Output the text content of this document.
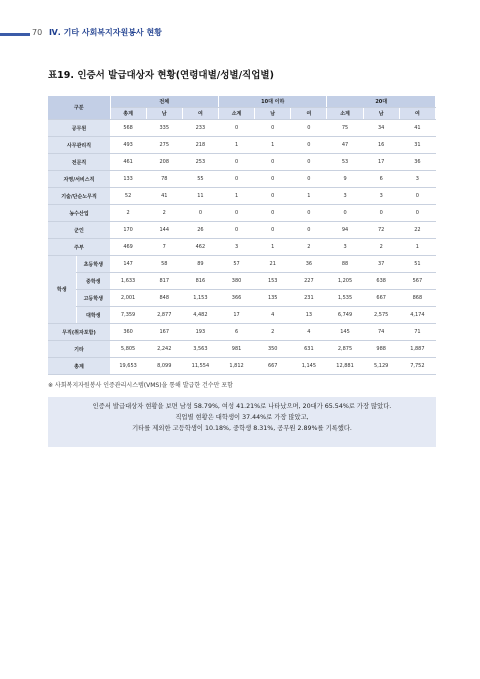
70 Ⅳ. 기타 사회복지자원봉사 현황
표19. 인증서 발급대상자 현황(연령대별/성별/직업별)
구분		전체			10대 이하			20대		
		총계	남	여	소계	남	여	소계	남	여
공무원		568	335	233	0	0	0	75	34	41
사무관리직		493	275	218	1	1	0	47	16	31
전문직		461	208	253	0	0	0	53	17	36
자영/서비스직		133	78	55	0	0	0	9	6	3
기술/단순노무직		52	41	11	1	0	1	3	3	0
농수산업		2	2	0	0	0	0	0	0	0
군인		170	144	26	0	0	0	94	72	22
주부		469	7	462	3	1	2	3	2	1
학생	초등학생	147	58	89	57	21	36	88	37	51
	중학생	1,633	817	816	380	153	227	1,205	638	567
	고등학생	2,001	848	1,153	366	135	231	1,535	667	868
	대학생	7,359	2,877	4,482	17	4	13	6,749	2,575	4,174
무직(취자포함)		360	167	193	6	2	4	145	74	71
기타		5,805	2,242	3,563	981	350	631	2,875	988	1,887
총계		19,653	8,099	11,554	1,812	667	1,145	12,881	5,129	7,752
※ 사회복지자원봉사 인증관리시스템(VMS)을 통해 발급한 건수만 포함
인증서 발급대상자 현황을 보면 남성 58.79%, 여성 41.21%로 나타났으며, 20대가 65.54%로 가장 많았다.
직업별 현황은 대학생이 37.44%로 가장 많았고,
기타를 제외한 고등학생이 10.18%, 중학생 8.31%, 공무원 2.89%를 기록했다.
